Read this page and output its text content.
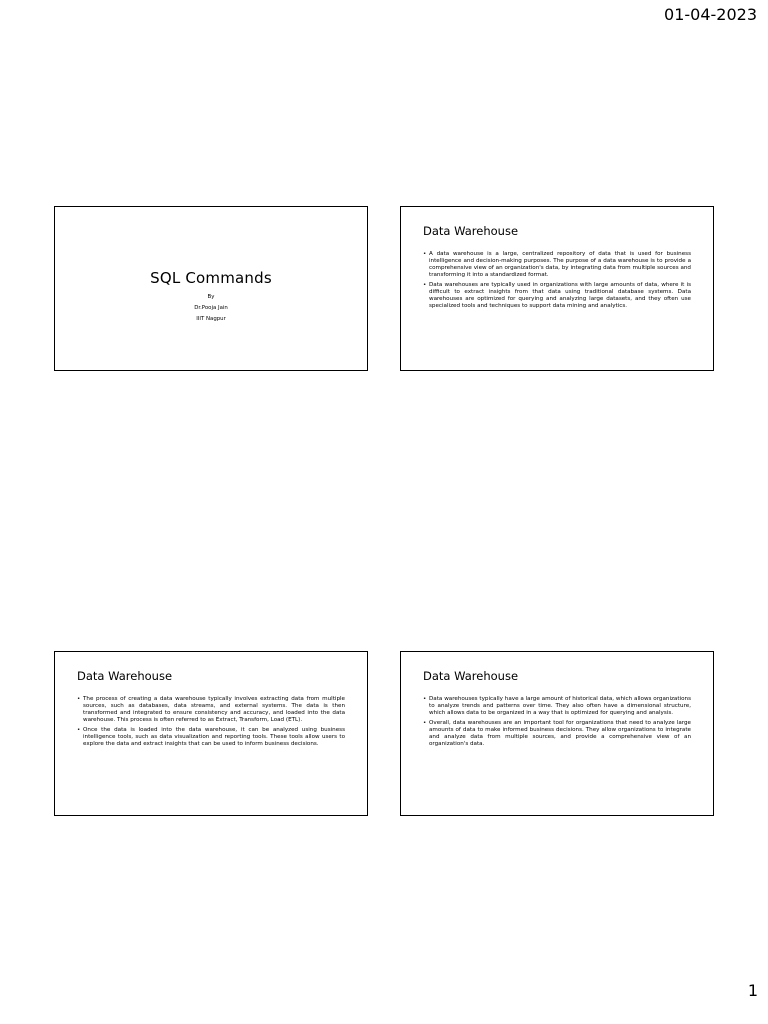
01-04-2023
SQL Commands
By
Dr.Pooja Jain
IIIT Nagpur
Data Warehouse
• A data warehouse is a large, centralized repository of data that is used for business intelligence and decision-making purposes. The purpose of a data warehouse is to provide a comprehensive view of an organization's data, by integrating data from multiple sources and transforming it into a standardized format.
• Data warehouses are typically used in organizations with large amounts of data, where it is difficult to extract insights from that data using traditional database systems. Data warehouses are optimized for querying and analyzing large datasets, and they often use specialized tools and techniques to support data mining and analytics.
Data Warehouse
• The process of creating a data warehouse typically involves extracting data from multiple sources, such as databases, data streams, and external systems. The data is then transformed and integrated to ensure consistency and accuracy, and loaded into the data warehouse. This process is often referred to as Extract, Transform, Load (ETL).
• Once the data is loaded into the data warehouse, it can be analyzed using business intelligence tools, such as data visualization and reporting tools. These tools allow users to explore the data and extract insights that can be used to inform business decisions.
Data Warehouse
• Data warehouses typically have a large amount of historical data, which allows organizations to analyze trends and patterns over time. They also often have a dimensional structure, which allows data to be organized in a way that is optimized for querying and analysis.
• Overall, data warehouses are an important tool for organizations that need to analyze large amounts of data to make informed business decisions. They allow organizations to integrate and analyze data from multiple sources, and provide a comprehensive view of an organization's data.
1
